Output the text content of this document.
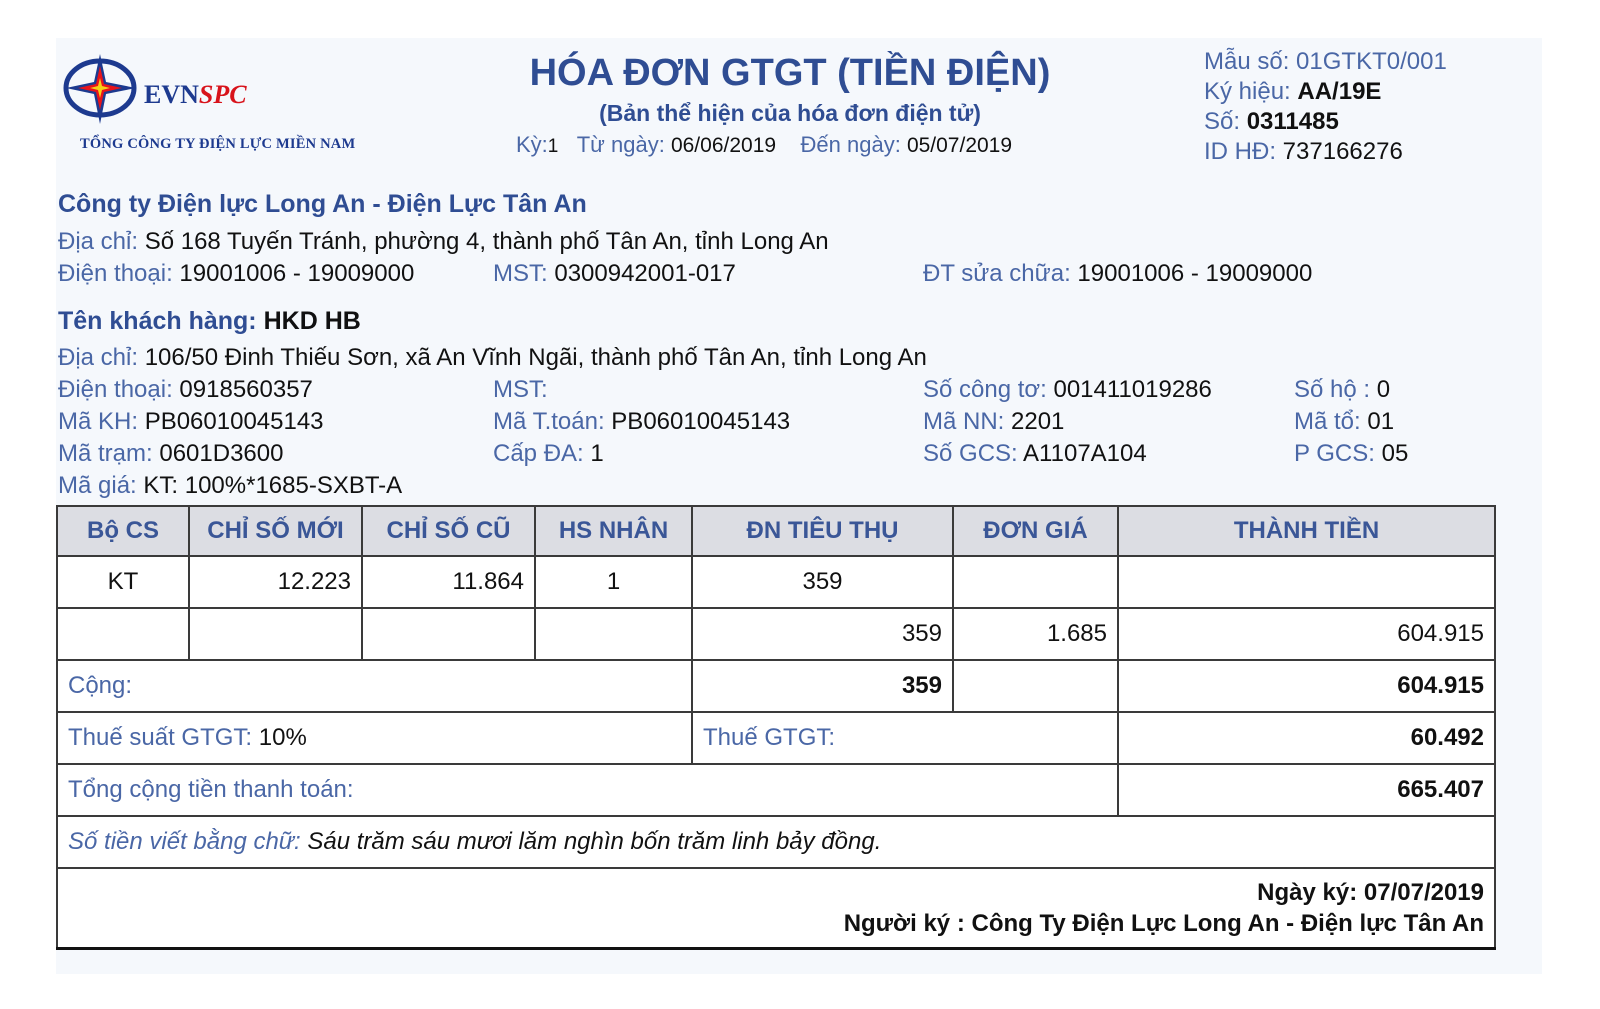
EVNSPC
TỔNG CÔNG TY ĐIỆN LỰC MIỀN NAM
HÓA ĐƠN GTGT (TIỀN ĐIỆN)
(Bản thể hiện của hóa đơn điện tử)
Kỳ:1 Từ ngày: 06/06/2019 Đến ngày: 05/07/2019
Mẫu số: 01GTKT0/001
Ký hiệu: AA/19E
Số: 0311485
ID HĐ: 737166276
Công ty Điện lực Long An - Điện Lực Tân An
Địa chỉ: Số 168 Tuyến Tránh, phường 4, thành phố Tân An, tỉnh Long An
Điện thoại: 19001006 - 19009000	MST: 0300942001-017	ĐT sửa chữa: 19001006 - 19009000
Tên khách hàng: HKD HB
Địa chỉ: 106/50 Đinh Thiếu Sơn, xã An Vĩnh Ngãi, thành phố Tân An, tỉnh Long An
Điện thoại: 0918560357	MST:	Số công tơ: 001411019286	Số hộ : 0
Mã KH: PB06010045143	Mã T.toán: PB06010045143	Mã NN: 2201	Mã tổ: 01
Mã trạm: 0601D3600	Cấp ĐA: 1	Số GCS: A1107A104	P GCS: 05
Mã giá: KT: 100%*1685-SXBT-A
Bộ CS	CHỈ SỐ MỚI	CHỈ SỐ CŨ	HS NHÂN	ĐN TIÊU THỤ	ĐƠN GIÁ	THÀNH TIỀN
KT	12.223	11.864	1	359		
				359	1.685	604.915
Cộng:				359		604.915
Thuế suất GTGT: 10%				Thuế GTGT:		60.492
Tổng cộng tiền thanh toán:						665.407
Số tiền viết bằng chữ: Sáu trăm sáu mươi lăm nghìn bốn trăm linh bảy đồng.						

Ngày ký: 07/07/2019
Người ký : Công Ty Điện Lực Long An - Điện lực Tân An						
